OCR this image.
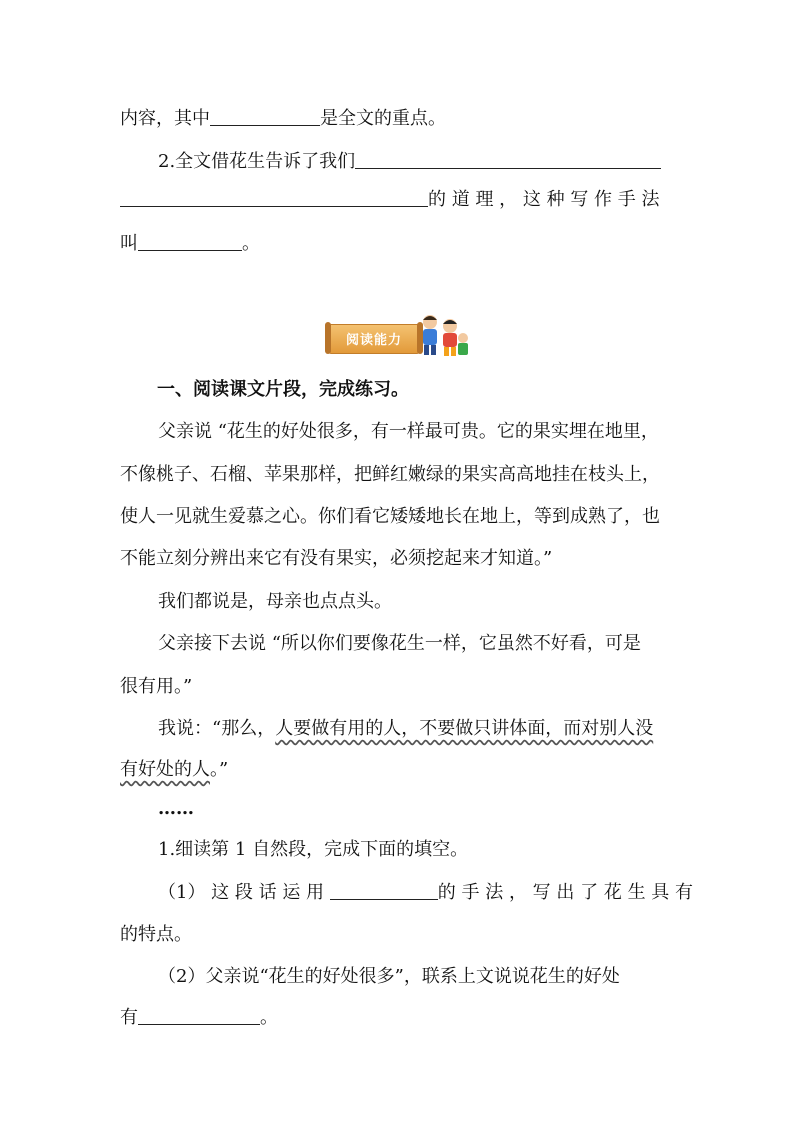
内容，其中	是全文的重点。
2.全文借花生告诉了我们
的 道 理 ， 这 种 写 作 手 法
叫	。
阅读能力
一、阅读课文片段，完成练习。
父亲说 “花生的好处很多，有一样最可贵。它的果实埋在地里，
不像桃子、石榴、苹果那样，把鲜红嫩绿的果实高高地挂在枝头上，
使人一见就生爱慕之心。你们看它矮矮地长在地上，等到成熟了，也
不能立刻分辨出来它有没有果实，必须挖起来才知道。”
我们都说是，母亲也点点头。
父亲接下去说 “所以你们要像花生一样，它虽然不好看，可是
很有用。”
我说：“那么，人要做有用的人，不要做只讲体面，而对别人没
有好处的人。”
……
1.细读第 1 自然段，完成下面的填空。
（1） 这 段 话 运 用	的 手 法 ， 写 出 了 花 生 具 有
的特点。
（2）父亲说“花生的好处很多”，联系上文说说花生的好处
有	。
